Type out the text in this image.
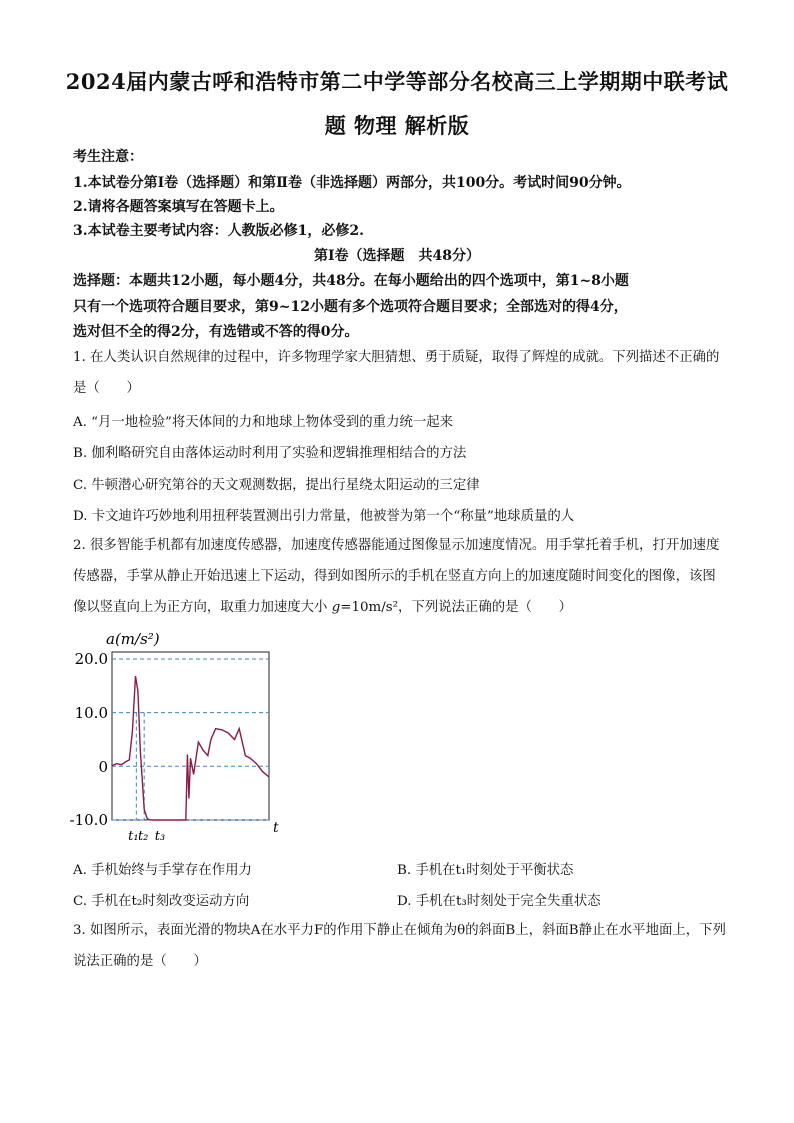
2024届内蒙古呼和浩特市第二中学等部分名校高三上学期期中联考试
题 物理 解析版
考生注意：
1.本试卷分第Ⅰ卷（选择题）和第Ⅱ卷（非选择题）两部分，共100分。考试时间90分钟。
2.请将各题答案填写在答题卡上。
3.本试卷主要考试内容：人教版必修1，必修2.
第Ⅰ卷（选择题　共48分）
选择题：本题共12小题，每小题4分，共48分。在每小题给出的四个选项中，第1~8小题
只有一个选项符合题目要求，第9~12小题有多个选项符合题目要求；全部选对的得4分，
选对但不全的得2分，有选错或不答的得0分。
1. 在人类认识自然规律的过程中，许多物理学家大胆猜想、勇于质疑，取得了辉煌的成就。下列描述不正确的是（　　）
A. “月一地检验”将天体间的力和地球上物体受到的重力统一起来
B. 伽利略研究自由落体运动时利用了实验和逻辑推理相结合的方法
C. 牛顿潜心研究第谷的天文观测数据，提出行星绕太阳运动的三定律
D. 卡文迪许巧妙地利用扭秤装置测出引力常量，他被誉为第一个“称量”地球质量的人
2. 很多智能手机都有加速度传感器，加速度传感器能通过图像显示加速度情况。用手掌托着手机，打开加速度传感器，手掌从静止开始迅速上下运动，得到如图所示的手机在竖直方向上的加速度随时间变化的图像，该图像以竖直向上为正方向，取重力加速度大小 g=10m/s²，下列说法正确的是（　　）
a(m/s²)
20.0
10.0
0
-10.0
t₁ t₂ t₃
t
A. 手机始终与手掌存在作用力	B. 手机在t₁时刻处于平衡状态
C. 手机在t₂时刻改变运动方向	D. 手机在t₃时刻处于完全失重状态
3. 如图所示，表面光滑的物块A在水平力F的作用下静止在倾角为θ的斜面B上，斜面B静止在水平地面上，下列说法正确的是（　　）
